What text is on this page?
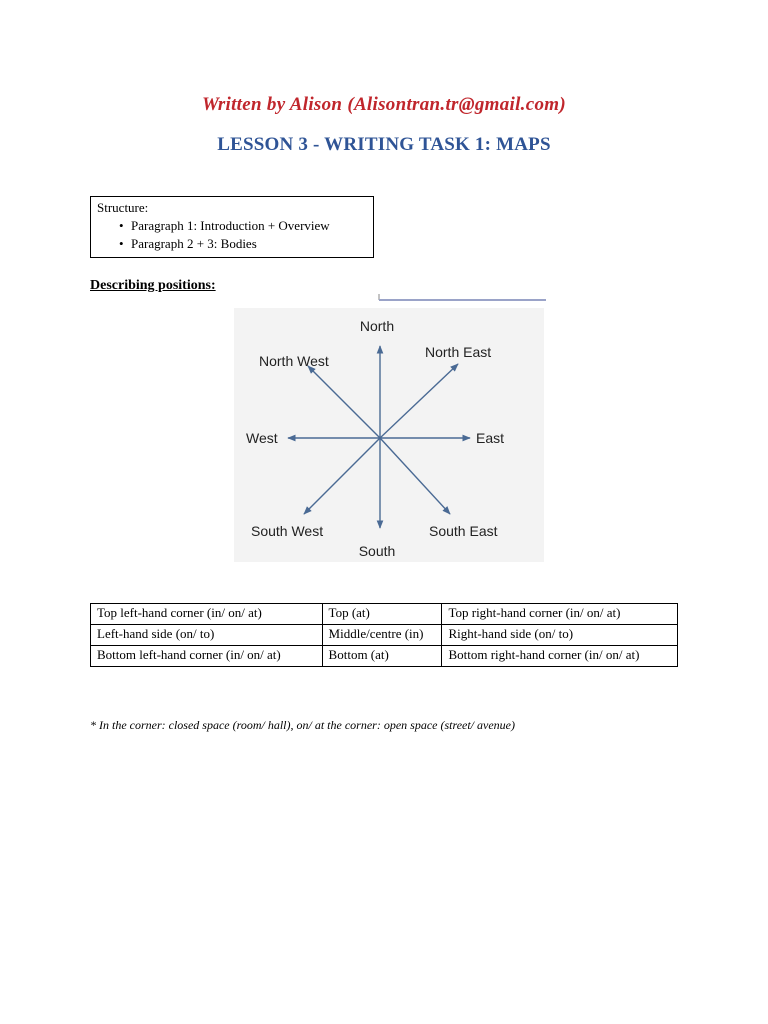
Written by Alison (Alisontran.tr@gmail.com)
LESSON 3 - WRITING TASK 1: MAPS
Structure:
• Paragraph 1: Introduction + Overview
• Paragraph 2 + 3: Bodies
Describing positions:
North
North East
North West
West	East
South West	South East
South
Top left-hand corner (in/ on/ at)	Top (at)	Top right-hand corner (in/ on/ at)
Left-hand side (on/ to)	Middle/centre (in)	Right-hand side (on/ to)
Bottom left-hand corner (in/ on/ at)	Bottom (at)	Bottom right-hand corner (in/ on/ at)
* In the corner: closed space (room/ hall), on/ at the corner: open space (street/ avenue)
